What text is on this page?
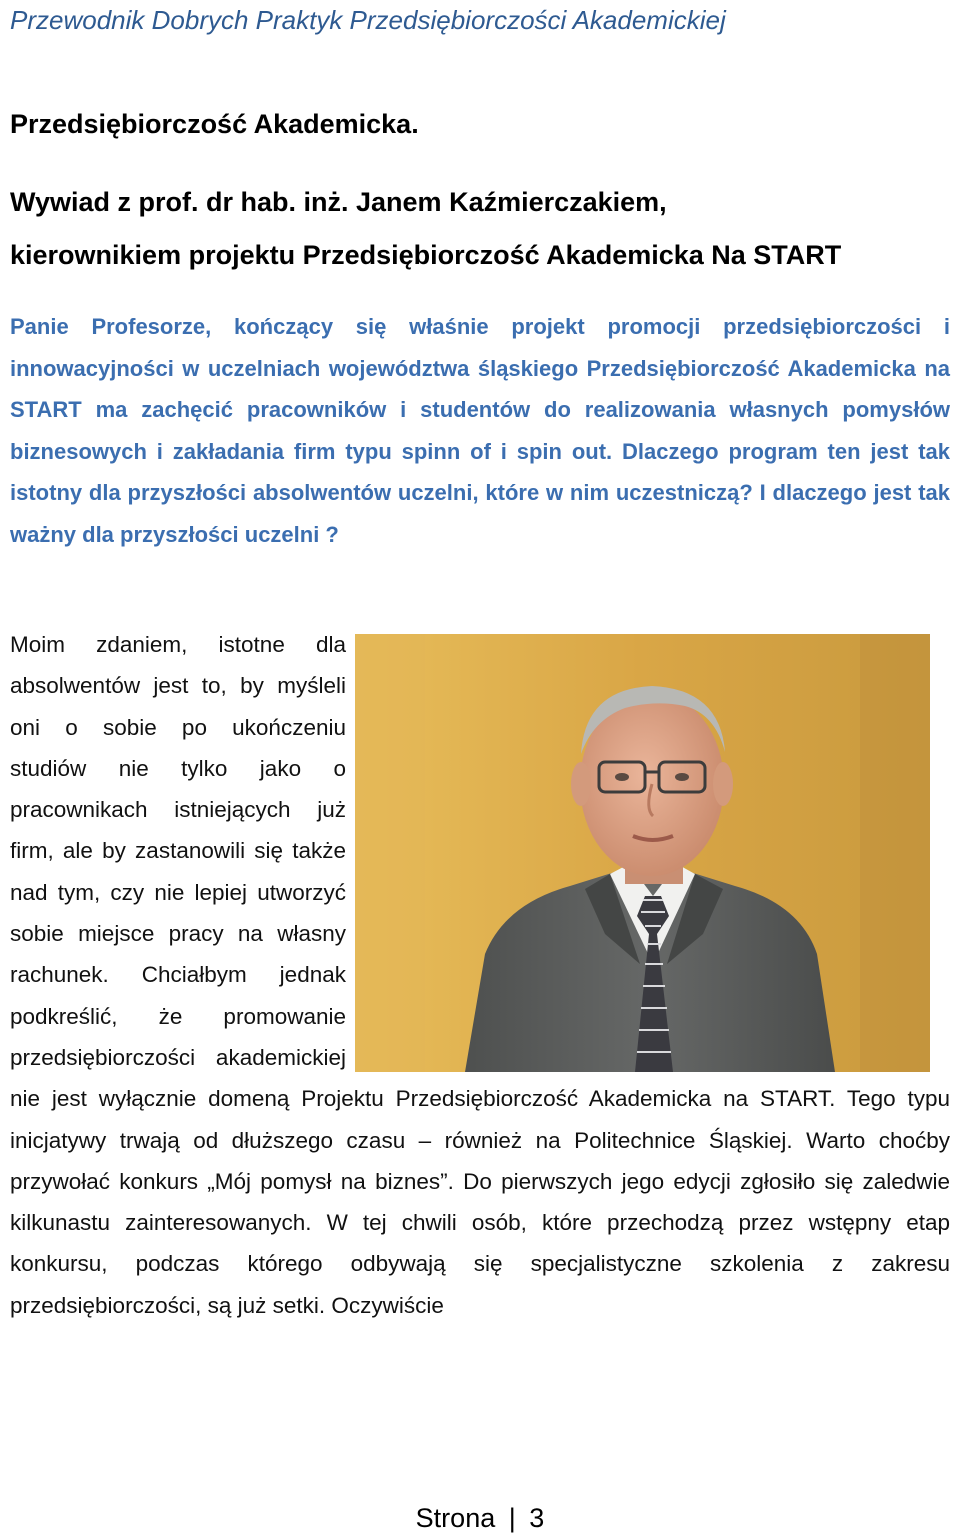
Przewodnik Dobrych Praktyk Przedsiębiorczości Akademickiej
Przedsiębiorczość Akademicka.
Wywiad z prof. dr hab. inż. Janem Kaźmierczakiem,
kierownikiem projektu Przedsiębiorczość Akademicka Na START
Panie Profesorze, kończący się właśnie projekt promocji przedsiębiorczości i innowacyjności w uczelniach województwa śląskiego Przedsiębiorczość Akademicka na START ma zachęcić pracowników i studentów do realizowania własnych pomysłów biznesowych i zakładania firm typu spinn of i spin out. Dlaczego program ten jest tak istotny dla przyszłości absolwentów uczelni, które w nim uczestniczą? I dlaczego jest tak ważny dla przyszłości uczelni ?
Moim zdaniem, istotne dla absolwentów jest to, by myśleli oni o sobie po ukończeniu studiów nie tylko jako o pracownikach istniejących już firm, ale by zastanowili się także nad tym, czy nie lepiej utworzyć sobie miejsce pracy na własny rachunek. Chciałbym jednak podkreślić, że promowanie przedsiębiorczości akademickiej nie jest wyłącznie domeną Projektu Przedsiębiorczość Akademicka na START. Tego typu inicjatywy trwają od dłuższego czasu – również na Politechnice Śląskiej. Warto choćby przywołać konkurs „Mój pomysł na biznes”. Do pierwszych jego edycji zgłosiło się zaledwie kilkunastu zainteresowanych. W tej chwili osób, które przechodzą przez wstępny etap konkursu, podczas którego odbywają się specjalistyczne szkolenia z zakresu przedsiębiorczości, są już setki. Oczywiście
Strona | 3
